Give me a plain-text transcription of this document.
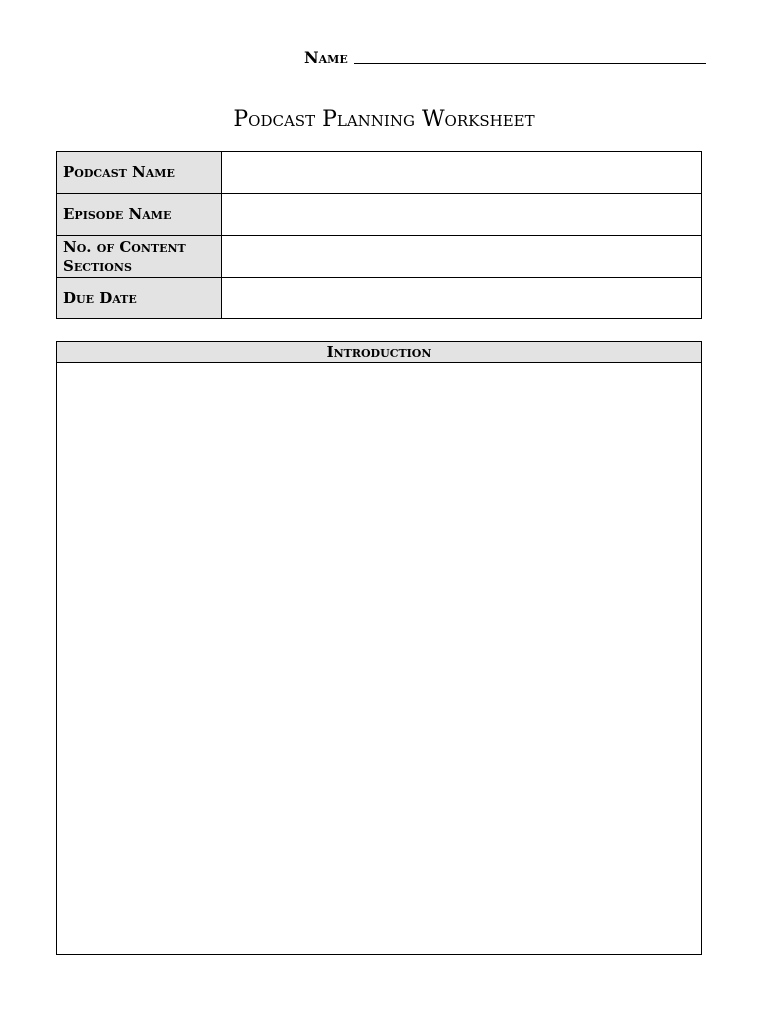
Name
Podcast Planning Worksheet
Podcast Name	
Episode Name	
No. of Content Sections	
Due Date	
Introduction
